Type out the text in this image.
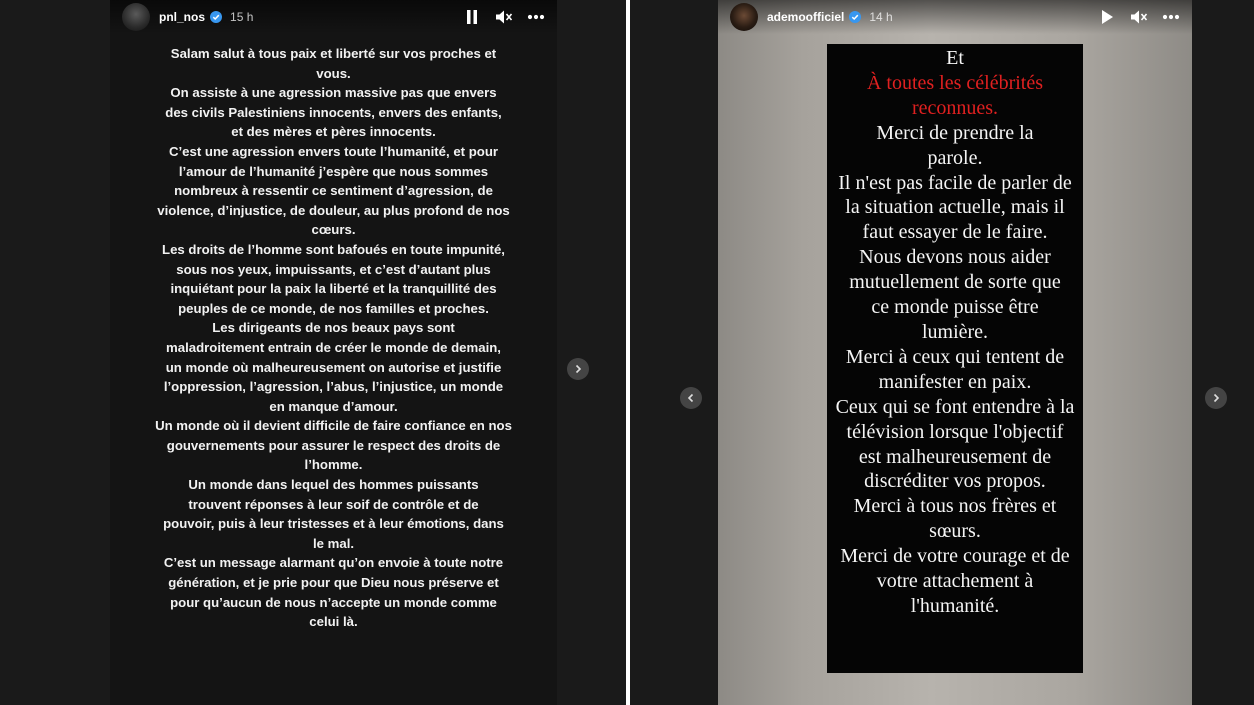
pnl_nos 15 h

Salam salut à tous paix et liberté sur vos proches et vous.

On assiste à une agression massive pas que envers des civils Palestiniens innocents, envers des enfants, et des mères et pères innocents.

C’est une agression envers toute l’humanité, et pour l’amour de l’humanité j’espère que nous sommes nombreux à ressentir ce sentiment d’agression, de violence, d’injustice, de douleur, au plus profond de nos cœurs.

Les droits de l’homme sont bafoués en toute impunité, sous nos yeux, impuissants, et c’est d’autant plus inquiétant pour la paix la liberté et la tranquillité des peuples de ce monde, de nos familles et proches.

Les dirigeants de nos beaux pays sont maladroitement entrain de créer le monde de demain, un monde où malheureusement on autorise et justifie l’oppression, l’agression, l’abus, l’injustice, un monde en manque d’amour.

Un monde où il devient difficile de faire confiance en nos gouvernements pour assurer le respect des droits de l’homme.

Un monde dans lequel des hommes puissants trouvent réponses à leur soif de contrôle et de pouvoir, puis à leur tristesses et à leur émotions, dans le mal.

C’est un message alarmant qu’on envoie à toute notre génération, et je prie pour que Dieu nous préserve et pour qu’aucun de nous n’accepte un monde comme celui là.

ademoofficiel 14 h

Et

À toutes les célébrités reconnues.

Merci de prendre la parole.

Il n'est pas facile de parler de la situation actuelle, mais il faut essayer de le faire.

Nous devons nous aider mutuellement de sorte que ce monde puisse être lumière.

Merci à ceux qui tentent de manifester en paix.

Ceux qui se font entendre à la télévision lorsque l'objectif est malheureusement de discréditer vos propos.

Merci à tous nos frères et sœurs.

Merci de votre courage et de votre attachement à l'humanité.
